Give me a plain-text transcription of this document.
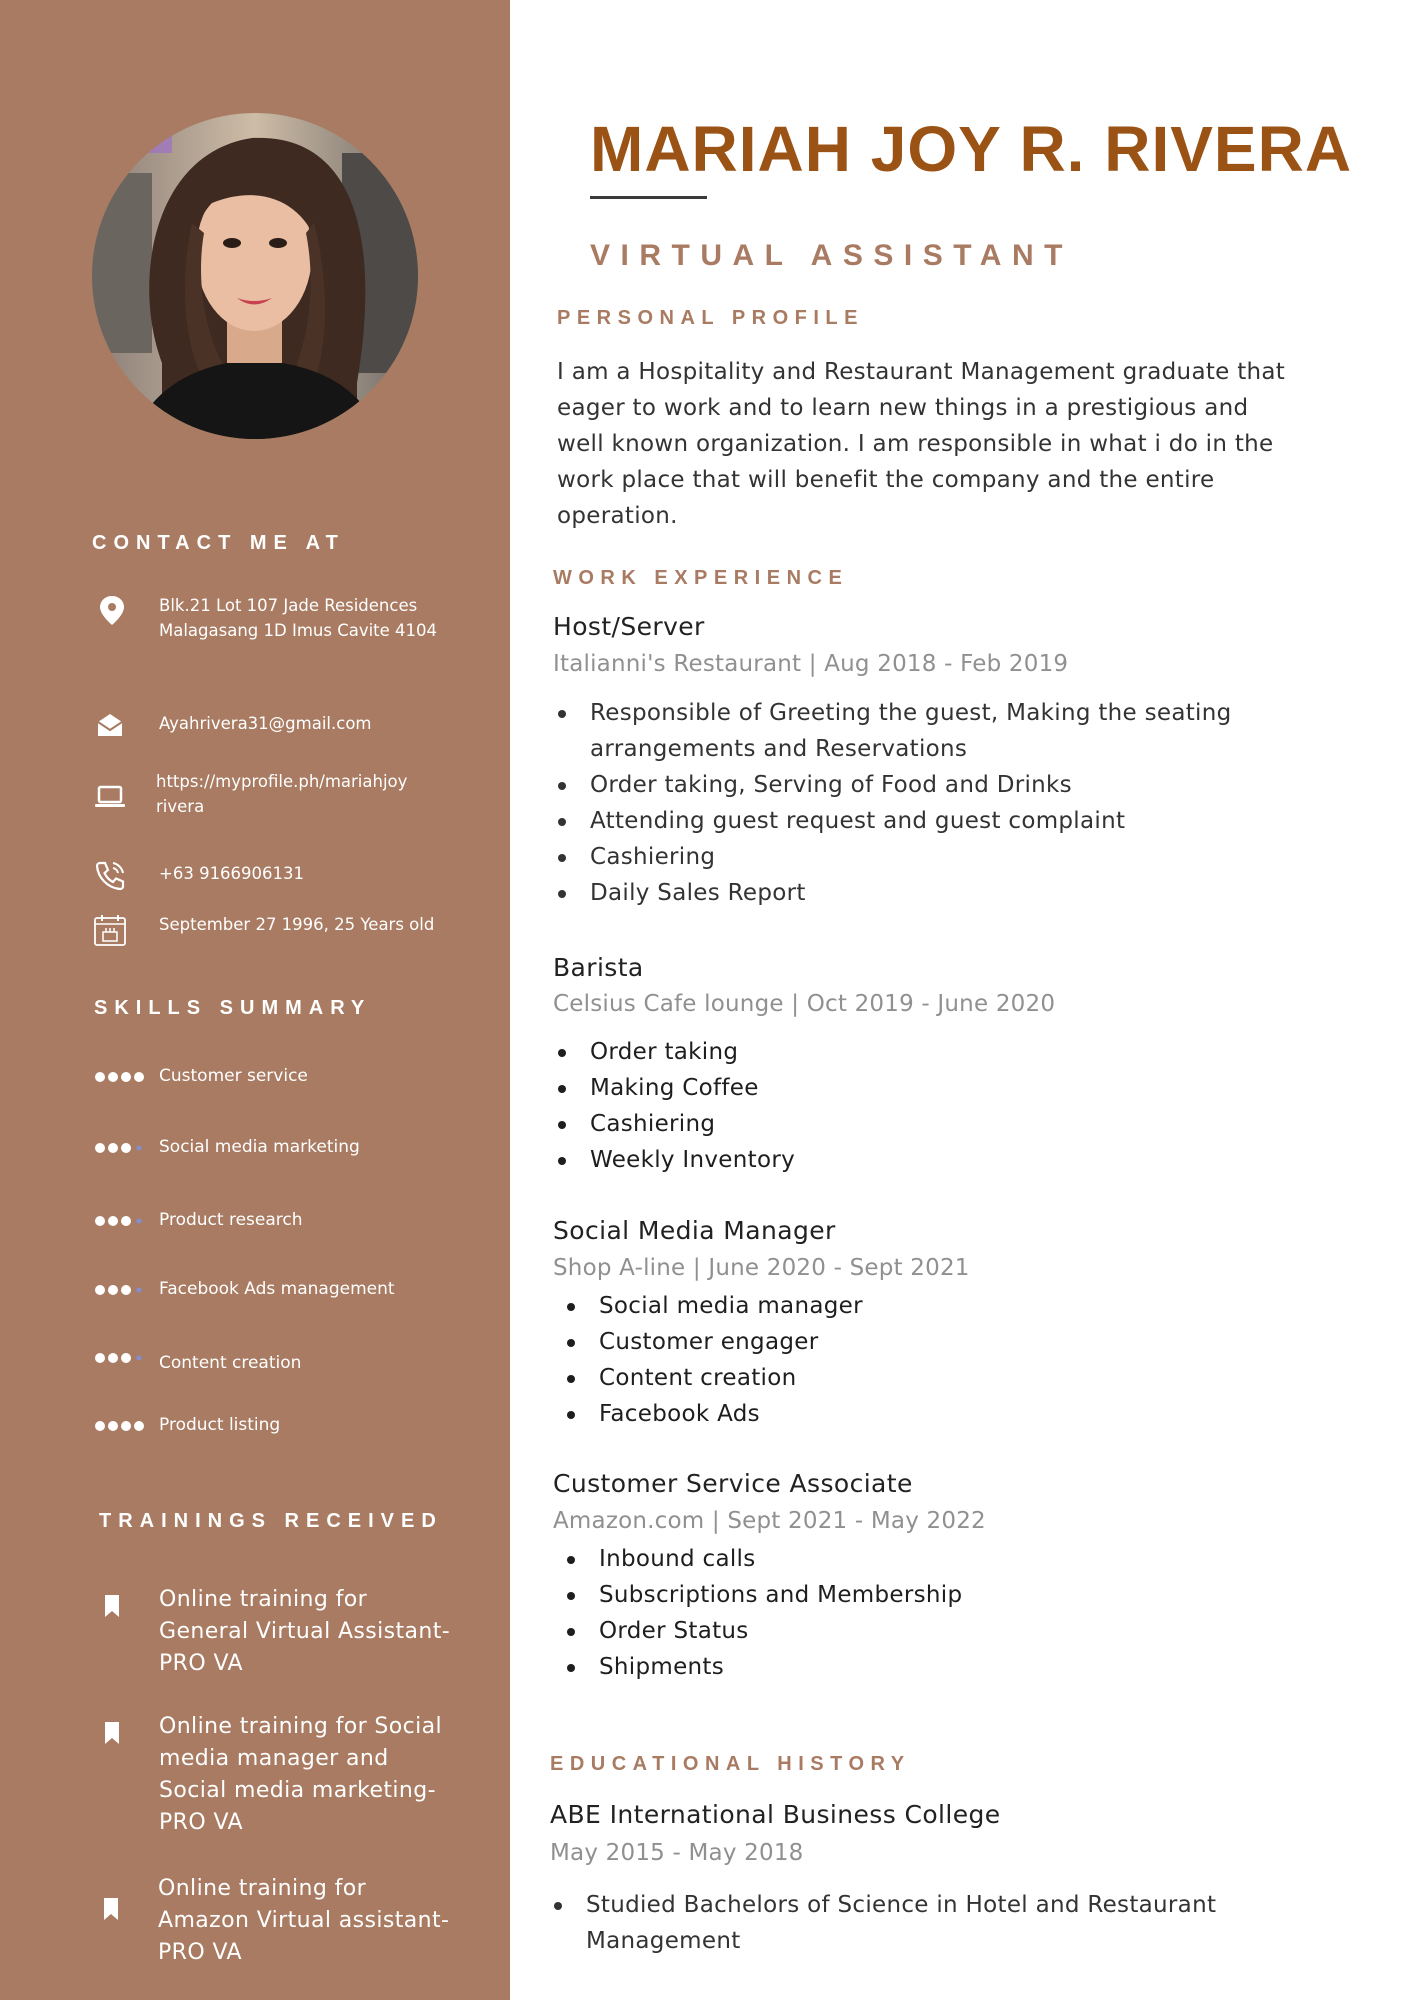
CONTACT ME AT
Blk.21 Lot 107 Jade Residences Malagasang 1D Imus Cavite 4104
Ayahrivera31@gmail.com
https://myprofile.ph/mariahjoy rivera
+63 9166906131
September 27 1996, 25 Years old
SKILLS SUMMARY
Customer service
Social media marketing
Product research
Facebook Ads management
Content creation
Product listing
TRAININGS RECEIVED
Online training for General Virtual Assistant- PRO VA
Online training for Social media manager and Social media marketing- PRO VA
Online training for Amazon Virtual assistant- PRO VA
MARIAH JOY R. RIVERA
VIRTUAL ASSISTANT
PERSONAL PROFILE
I am a Hospitality and Restaurant Management graduate that eager to work and to learn new things in a prestigious and well known organization. I am responsible in what i do in the work place that will benefit the company and the entire operation.
WORK EXPERIENCE
Host/Server
Italianni's Restaurant | Aug 2018 - Feb 2019
Responsible of Greeting the guest, Making the seating arrangements and Reservations
Order taking, Serving of Food and Drinks
Attending guest request and guest complaint
Cashiering
Daily Sales Report
Barista
Celsius Cafe lounge | Oct 2019 - June 2020
Order taking
Making Coffee
Cashiering
Weekly Inventory
Social Media Manager
Shop A-line | June 2020 - Sept 2021
Social media manager
Customer engager
Content creation
Facebook Ads
Customer Service Associate
Amazon.com | Sept 2021 - May 2022
Inbound calls
Subscriptions and Membership
Order Status
Shipments
EDUCATIONAL HISTORY
ABE International Business College
May 2015 - May 2018
Studied Bachelors of Science in Hotel and Restaurant Management
